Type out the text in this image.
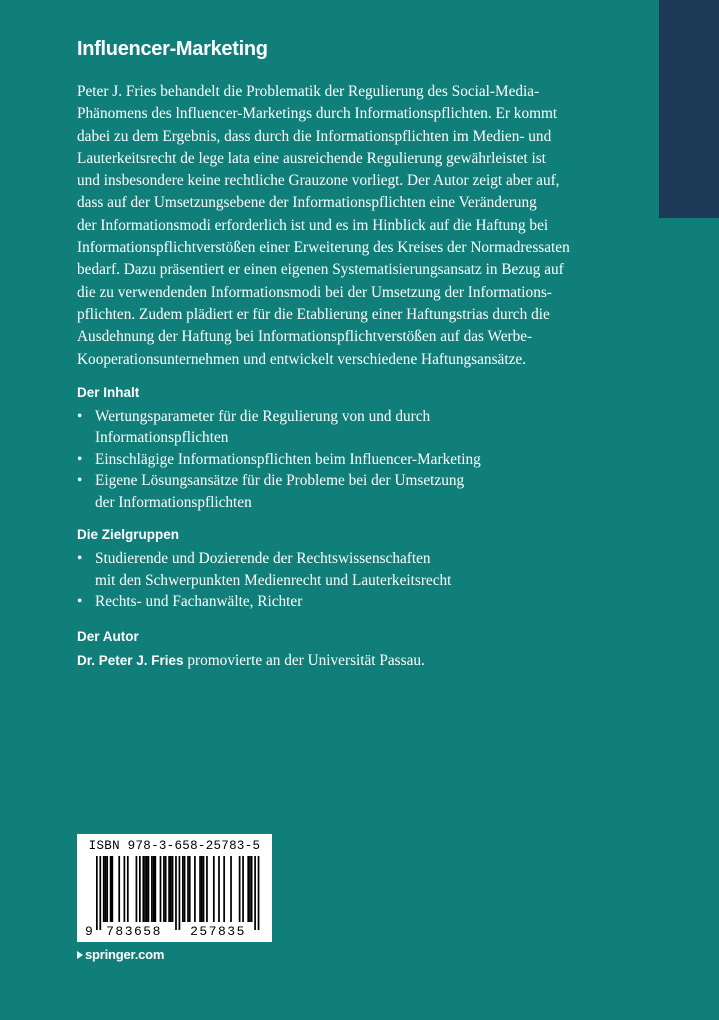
Influencer-Marketing
Peter J. Fries behandelt die Problematik der Regulierung des Social-Media-
Phänomens des lnfluencer-Marketings durch Informationspflichten. Er kommt
dabei zu dem Ergebnis, dass durch die Informationspflichten im Medien- und
Lauterkeitsrecht de lege lata eine ausreichende Regulierung gewährleistet ist
und insbesondere keine rechtliche Grauzone vorliegt. Der Autor zeigt aber auf,
dass auf der Umsetzungsebene der Informationspflichten eine Veränderung
der Informationsmodi erforderlich ist und es im Hinblick auf die Haftung bei
Informationspflichtverstößen einer Erweiterung des Kreises der Normadressaten
bedarf. Dazu präsentiert er einen eigenen Systematisierungsansatz in Bezug auf
die zu verwendenden Informationsmodi bei der Umsetzung der Informations-
pflichten. Zudem plädiert er für die Etablierung einer Haftungstrias durch die
Ausdehnung der Haftung bei Informationspflichtverstößen auf das Werbe-
Kooperationsunternehmen und entwickelt verschiedene Haftungsansätze.
Der Inhalt
• Wertungsparameter für die Regulierung von und durch
Informationspflichten
• Einschlägige Informationspflichten beim Influencer-Marketing
• Eigene Lösungsansätze für die Probleme bei der Umsetzung
der Informationspflichten
Die Zielgruppen
• Studierende und Dozierende der Rechtswissenschaften
mit den Schwerpunkten Medienrecht und Lauterkeitsrecht
• Rechts- und Fachanwälte, Richter
Der Autor

Dr. Peter J. Fries promovierte an der Universität Passau.

ISBN 978-3-658-25783-5
9 783658 257835
springer.com
